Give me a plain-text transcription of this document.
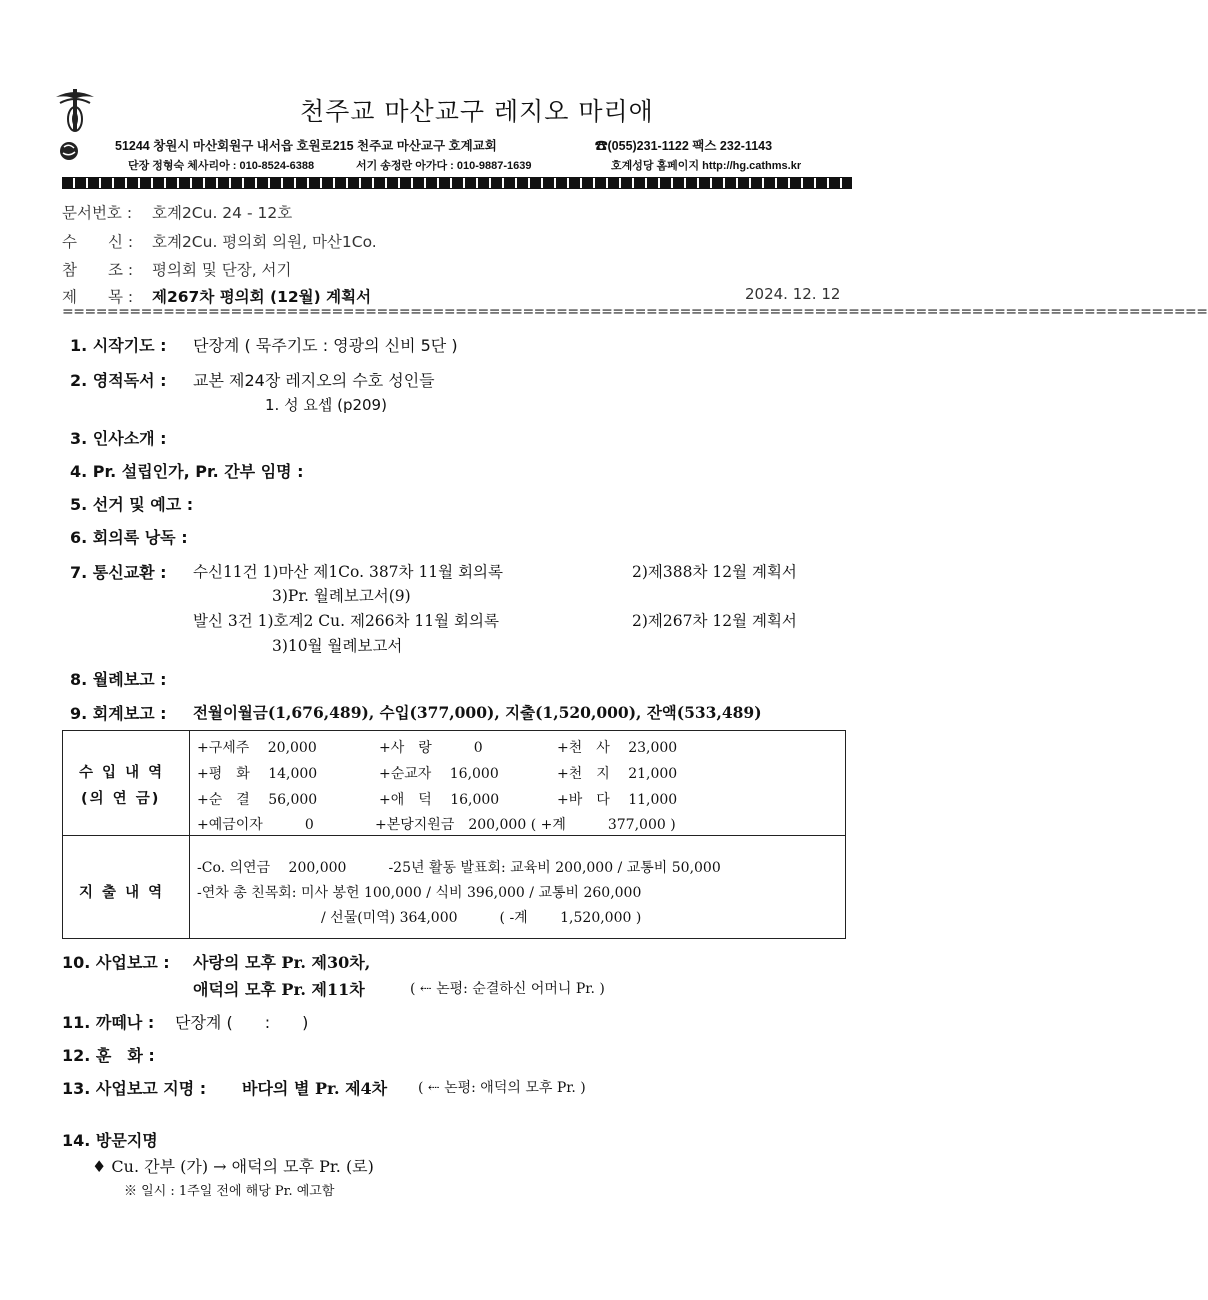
천주교 마산교구 레지오 마리애
51244 창원시 마산회원구 내서읍 호원로215 천주교 마산교구 호계교회	☎(055)231-1122 팩스 232-1143
단장 정형숙 체사리아 : 010-8524-6388	서기 송정란 아가다 : 010-9887-1639	호계성당 홈페이지 http://hg.cathms.kr
문서번호 : 호계2Cu. 24 - 12호
수　　신 : 호계2Cu. 평의회 의원, 마산1Co.
참　　조 : 평의회 및 단장, 서기
제　　목 : 제267차 평의회 (12월) 계획서	2024. 12. 12
======================================================================================================
1. 시작기도 : 단장계 ( 묵주기도 : 영광의 신비 5단 )
2. 영적독서 : 교본 제24장 레지오의 수호 성인들
1. 성 요셉 (p209)
3. 인사소개 :
4. Pr. 설립인가, Pr. 간부 임명 :
5. 선거 및 예고 :
6. 회의록 낭독 :
7. 통신교환 : 수신11건 1)마산 제1Co. 387차 11월 회의록	2)제388차 12월 계획서
3)Pr. 월례보고서(9)
발신 3건 1)호계2 Cu. 제266차 11월 회의록	2)제267차 12월 계획서
3)10월 월례보고서
8. 월례보고 :
9. 회계보고 : 전월이월금(1,676,489), 수입(377,000), 지출(1,520,000), 잔액(533,489)
수 입 내 역
(의 연 금)
+구세주　 20,000	+사　랑　　　0	+천　사　 23,000
+평　화　 14,000	+순교자　 16,000	+천　지　 21,000
+순　결　 56,000	+애　덕　 16,000	+바　다　 11,000
+예금이자　　　0	+본당지원금　200,000 ( +계　　　377,000 )
지 출 내 역
-Co. 의연금　 200,000　　　-25년 활동 발표회: 교육비 200,000 / 교통비 50,000
-연차 총 친목회: 미사 봉헌 100,000 / 식비 396,000 / 교통비 260,000
/ 선물(미역) 364,000　　　( -계　　 1,520,000 )
10. 사업보고 : 사랑의 모후 Pr. 제30차,
애덕의 모후 Pr. 제11차	( ⇠ 논평: 순결하신 어머니 Pr. )
11. 까떼나 : 단장계 (　　:　　)
12. 훈　화 :
13. 사업보고 지명 : 바다의 별 Pr. 제4차 ( ⇠ 논평: 애덕의 모후 Pr. )
14. 방문지명
♦ Cu. 간부 (가) → 애덕의 모후 Pr. (로)
※ 일시 : 1주일 전에 해당 Pr. 예고함
